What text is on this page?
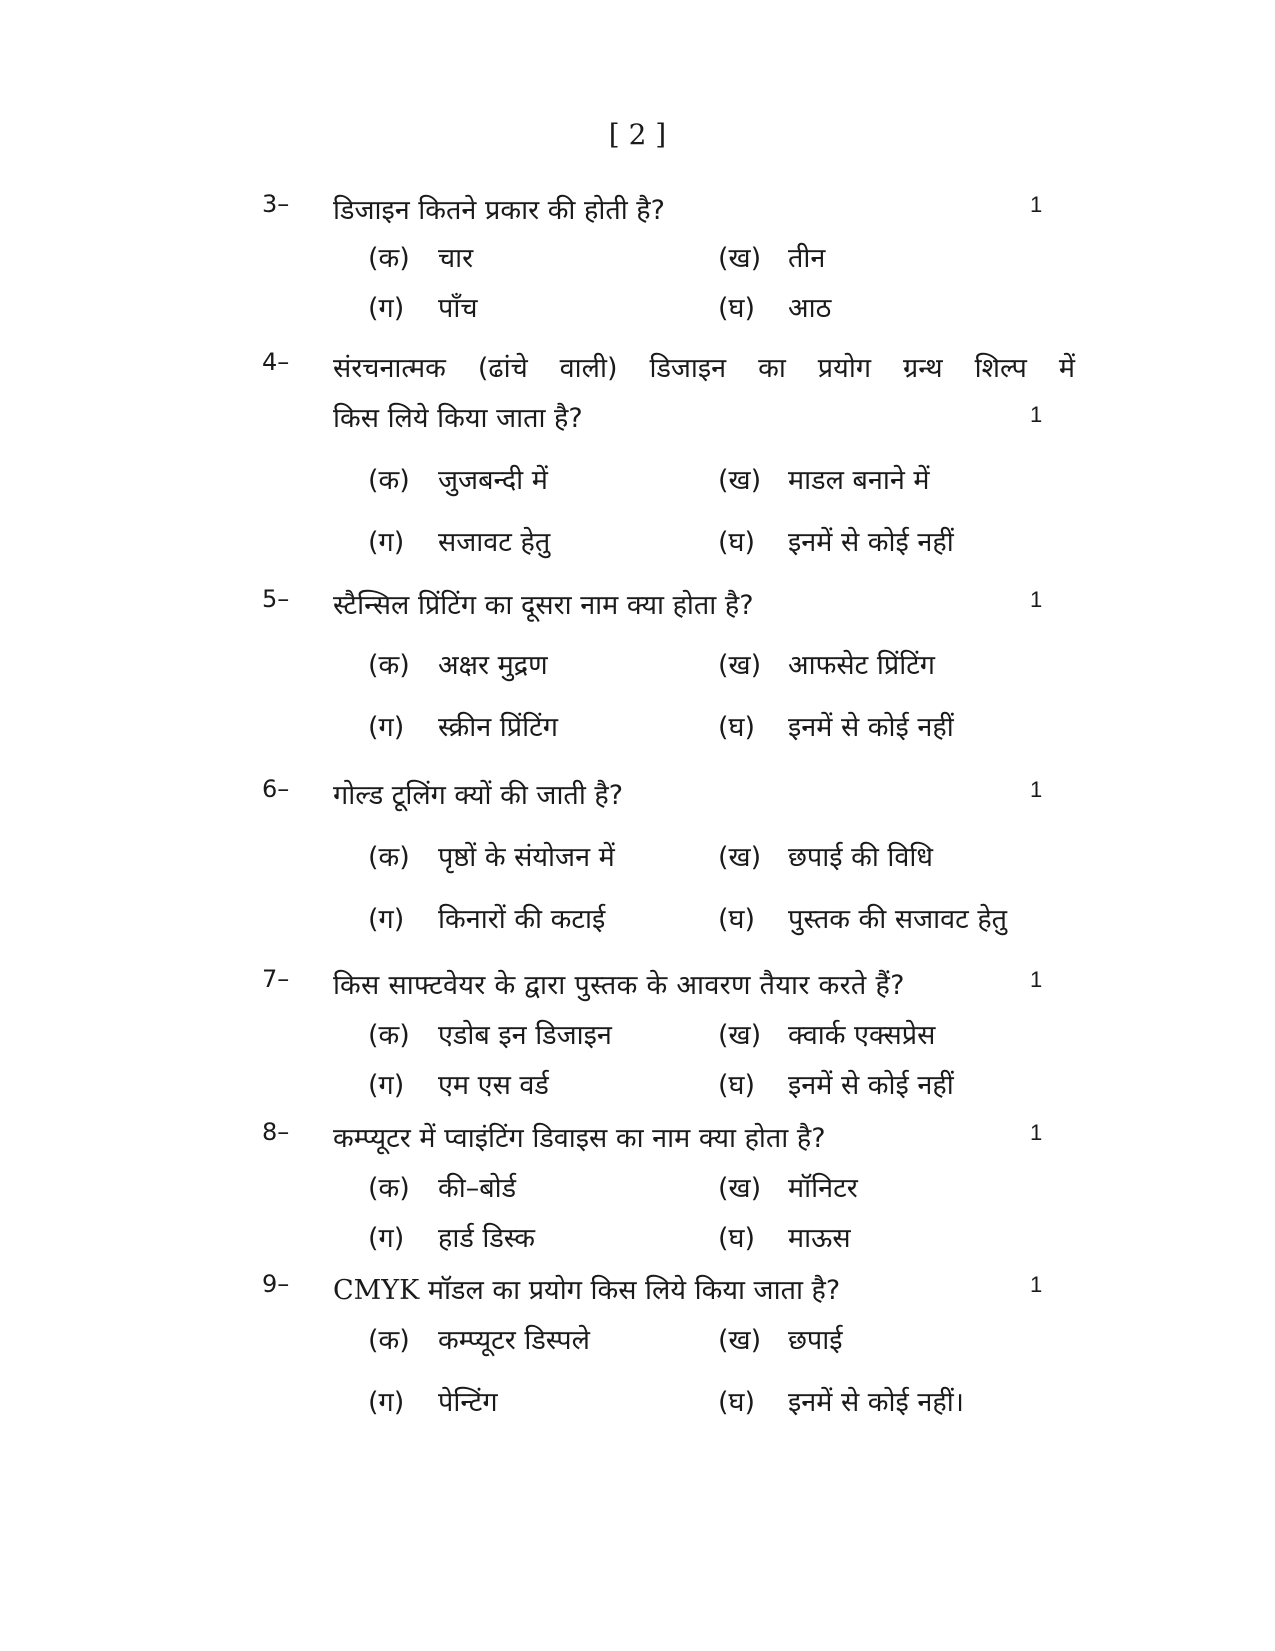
[ 2 ]
3– डिजाइन कितने प्रकार की होती है?	1
(क) चार	(ख) तीन
(ग) पाँच	(घ) आठ
4– संरचनात्मक (ढांचे वाली) डिजाइन का प्रयोग ग्रन्थ शिल्प में
किस लिये किया जाता है?	1
(क) जुजबन्दी में	(ख) माडल बनाने में
(ग) सजावट हेतु	(घ) इनमें से कोई नहीं
5– स्टैन्सिल प्रिंटिंग का दूसरा नाम क्या होता है?	1
(क) अक्षर मुद्रण	(ख) आफसेट प्रिंटिंग
(ग) स्क्रीन प्रिंटिंग	(घ) इनमें से कोई नहीं
6– गोल्ड टूलिंग क्यों की जाती है?	1
(क) पृष्ठों के संयोजन में	(ख) छपाई की विधि
(ग) किनारों की कटाई	(घ) पुस्तक की सजावट हेतु
7– किस साफ्टवेयर के द्वारा पुस्तक के आवरण तैयार करते हैं?	1
(क) एडोब इन डिजाइन	(ख) क्वार्क एक्सप्रेस
(ग) एम एस वर्ड	(घ) इनमें से कोई नहीं
8– कम्प्यूटर में प्वाइंटिंग डिवाइस का नाम क्या होता है?	1
(क) की–बोर्ड	(ख) मॉनिटर
(ग) हार्ड डिस्क	(घ) माऊस
9– CMYK मॉडल का प्रयोग किस लिये किया जाता है?	1
(क) कम्प्यूटर डिस्पले	(ख) छपाई
(ग) पेन्टिंग	(घ) इनमें से कोई नहीं।
